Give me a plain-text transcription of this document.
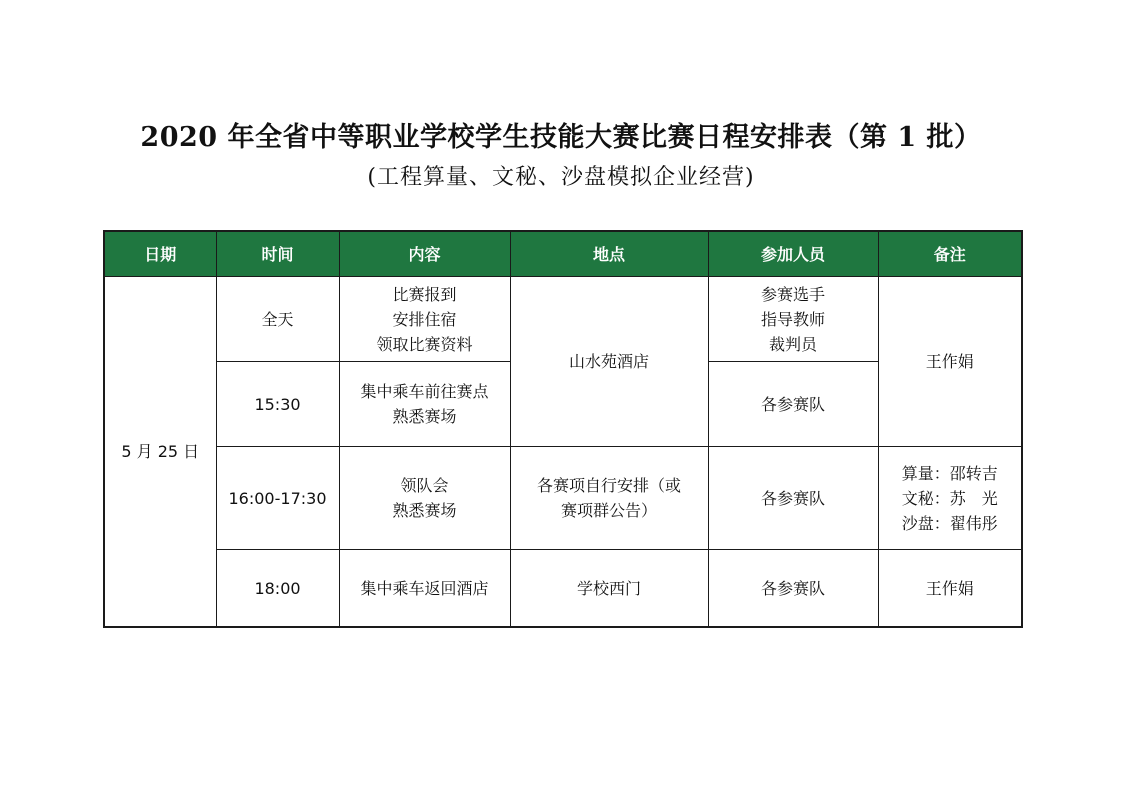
2020 年全省中等职业学校学生技能大赛比赛日程安排表（第 1 批）
(工程算量、文秘、沙盘模拟企业经营)
日期	时间	内容	地点	参加人员	备注
5 月 25 日	全天	比赛报到
安排住宿
领取比赛资料	山水苑酒店	参赛选手
指导教师
裁判员	王作娟
	15:30	集中乘车前往赛点
熟悉赛场		各参赛队	
	16:00-17:30	领队会
熟悉赛场	各赛项自行安排（或
赛项群公告）	各参赛队	算量：邵转吉
文秘：苏　光
沙盘：翟伟彤

	18:00	集中乘车返回酒店	学校西门	各参赛队	王作娟
